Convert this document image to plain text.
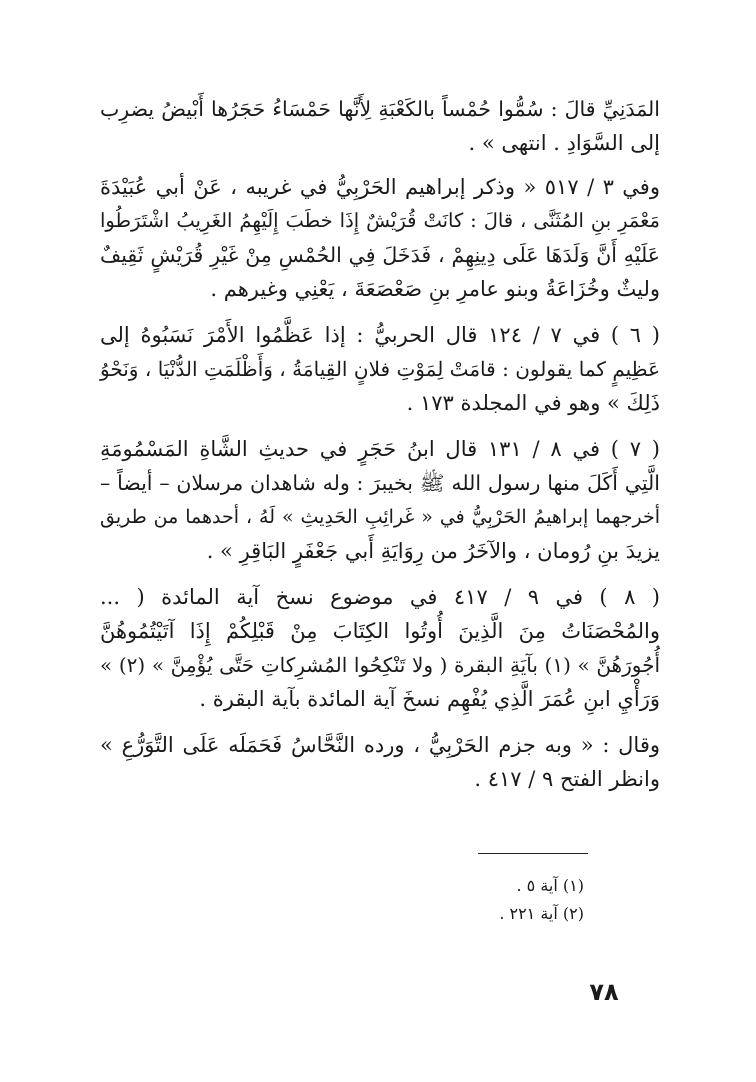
المَدَنِيِّ قالَ : سُمُّوا حُمْساً بالكَعْبَةِ لِأَنَّها حَمْسَاءُ حَجَرُها أَبْيضُ يضرِب
إلى السَّوَادِ . انتهى » .
وفي ٣ / ٥١٧ « وذكر إبراهيم الحَرْبِيُّ في غريبه ، عَنْ أبي عُبَيْدَةَ
مَعْمَرِ بنِ المُثَنَّى ، قالَ : كانَتْ قُرَيْشٌ إِذَا خطَبَ إِلَيْهِمُ الغَرِيبُ اشْتَرَطُوا
عَلَيْهِ أَنَّ وَلَدَهَا عَلَى دِينِهِمْ ، فَدَخَلَ فِي الحُمْسِ مِنْ غَيْرِ قُرَيْشٍ ثَقِيفٌ
وليثٌ وخُزَاعَةُ وبنو عامرِ بنِ صَعْصَعَةَ ، يَعْنِي وغيرهم .
( ٦ ) في ٧ / ١٢٤ قال الحربيُّ : إذا عَظَّمُوا الأَمْرَ نَسَبُوهُ إلى
عَظِيمٍ كما يقولون : قامَتْ لِمَوْتِ فلانٍ القِيامَةُ ، وَأَظْلَمَتِ الدُّنْيَا ، وَنَحْوُ
ذَلِكَ » وهو في المجلدة ١٧٣ .
( ٧ ) في ٨ / ١٣١ قال ابنُ حَجَرٍ في حديثِ الشَّاةِ المَسْمُومَةِ
الَّتِي أَكَلَ منها رسول الله ﷺ بخيبرَ : وله شاهدان مرسلان – أيضاً –
أخرجهما إبراهيمُ الحَرْبِيُّ في « غَرائِبِ الحَدِيثِ » لَهُ ، أحدهما من طريق
يزيدَ بنِ رُومان ، والآخَرُ من رِوَايَةِ أَبي جَعْفَرٍ البَاقِرِ » .
( ٨ ) في ٩ / ٤١٧ في موضوع نسخ آية المائدة ( ...
والمُحْصَنَاتُ مِنَ الَّذِينَ أُوتُوا الكِتَابَ مِنْ قَبْلِكُمْ إِذَا آتَيْتُمُوهُنَّ
أُجُورَهُنَّ » (١) بآيَةِ البقرة ( ولا تَنْكِحُوا المُشرِكاتِ حَتَّى يُؤْمِنَّ » (٢) »
وَرَأْيِ ابنِ عُمَرَ الَّذِي يُفْهِم نسخَ آية المائدة بآية البقرة .
وقال : « وبه جزم الحَرْبِيُّ ، ورده النَّحَّاسُ فَحَمَلَه عَلَى التَّوَرُّعِ »
وانظر الفتح ٩ / ٤١٧ .
(١) آية ٥ .
(٢) آية ٢٢١ .
٧٨
